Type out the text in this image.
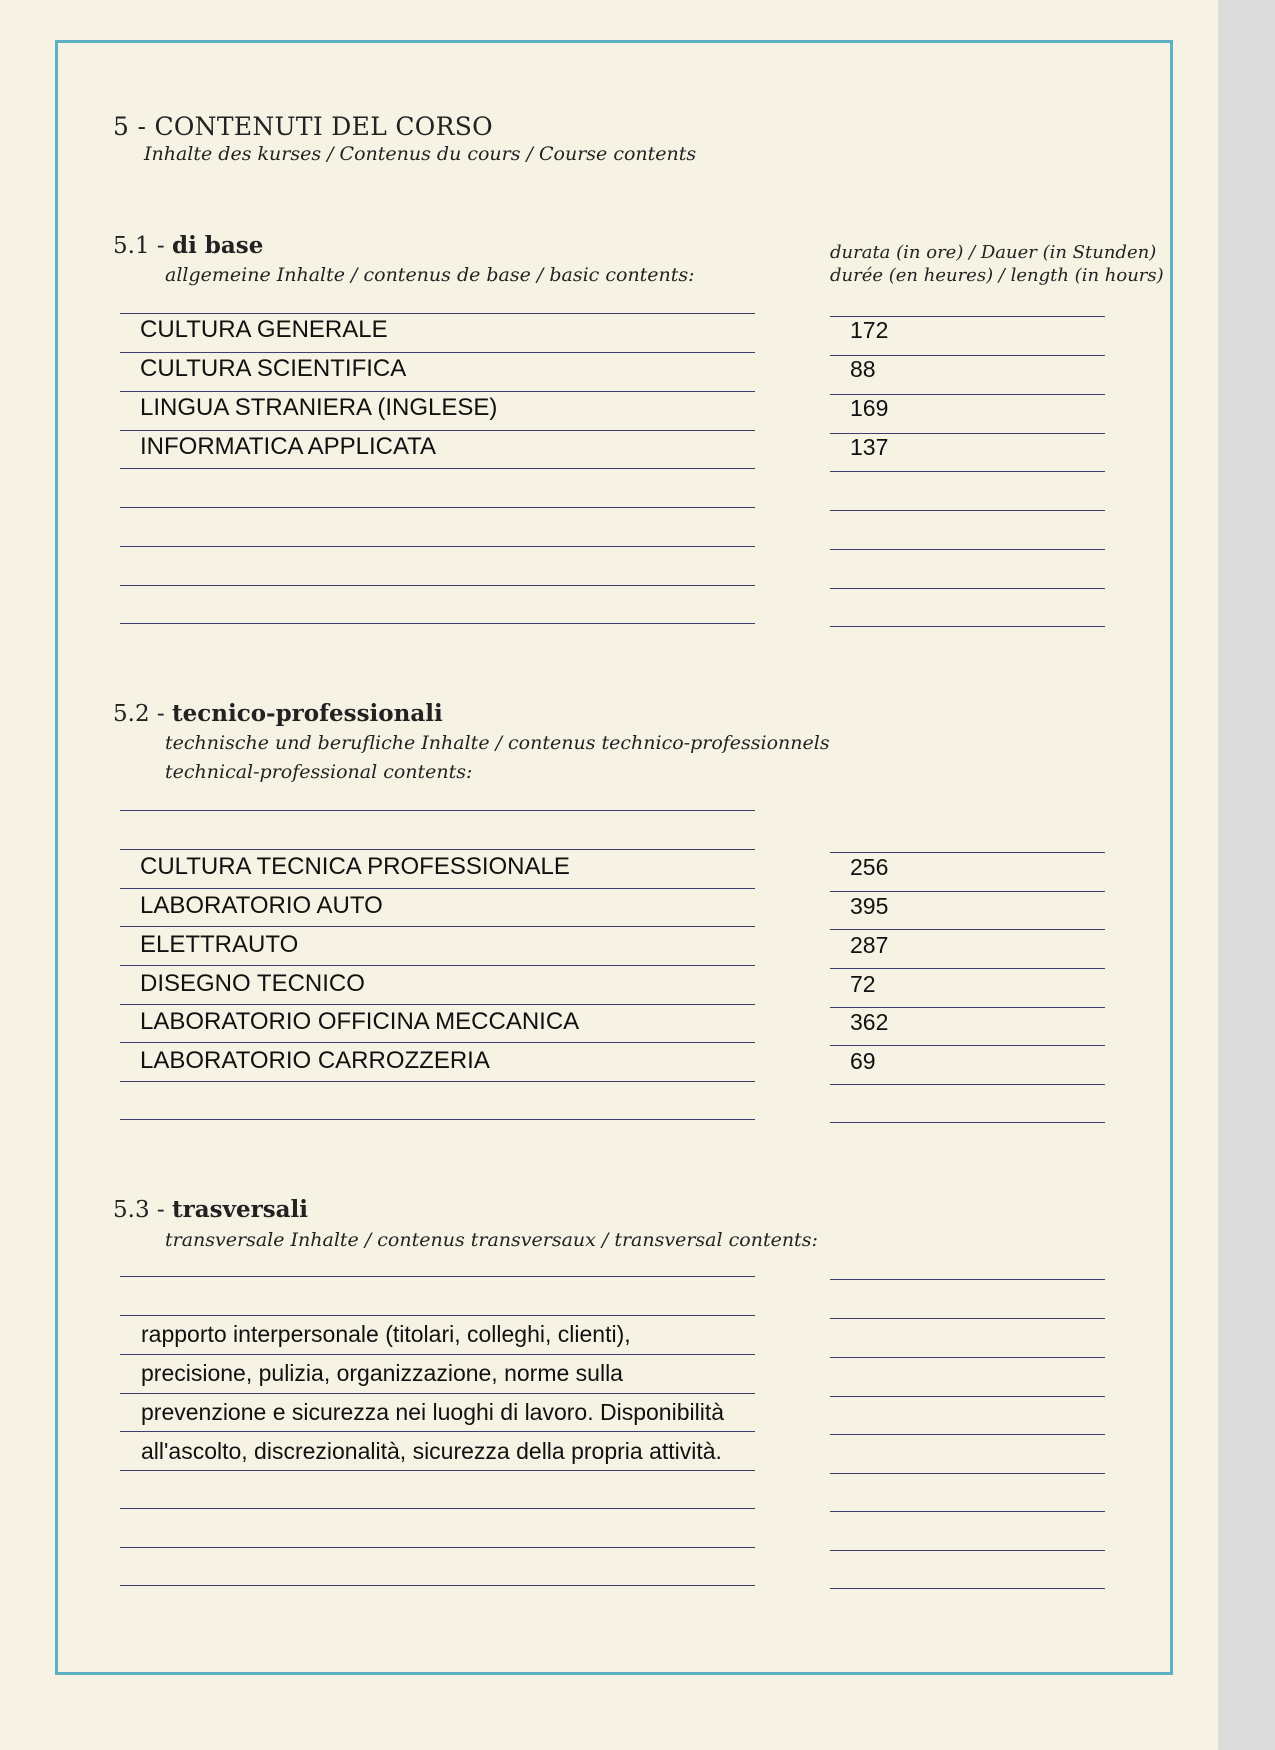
5 - CONTENUTI DEL CORSO
Inhalte des kurses / Contenus du cours / Course contents
5.1 - di base
allgemeine Inhalte / contenus de base / basic contents:
durata (in ore) / Dauer (in Stunden)
durée (en heures) / length (in hours)
CULTURA GENERALE	172
CULTURA SCIENTIFICA	88
LINGUA STRANIERA (INGLESE)	169
INFORMATICA APPLICATA	137
5.2 - tecnico-professionali
technische und berufliche Inhalte / contenus technico-professionnels
technical-professional contents:
CULTURA TECNICA PROFESSIONALE	256
LABORATORIO AUTO	395
ELETTRAUTO	287
DISEGNO TECNICO	72
LABORATORIO OFFICINA MECCANICA	362
LABORATORIO CARROZZERIA	69
5.3 - trasversali
transversale Inhalte / contenus transversaux / transversal contents:
rapporto interpersonale (titolari, colleghi, clienti),
precisione, pulizia, organizzazione, norme sulla
prevenzione e sicurezza nei luoghi di lavoro. Disponibilità
all'ascolto, discrezionalità, sicurezza della propria attività.
